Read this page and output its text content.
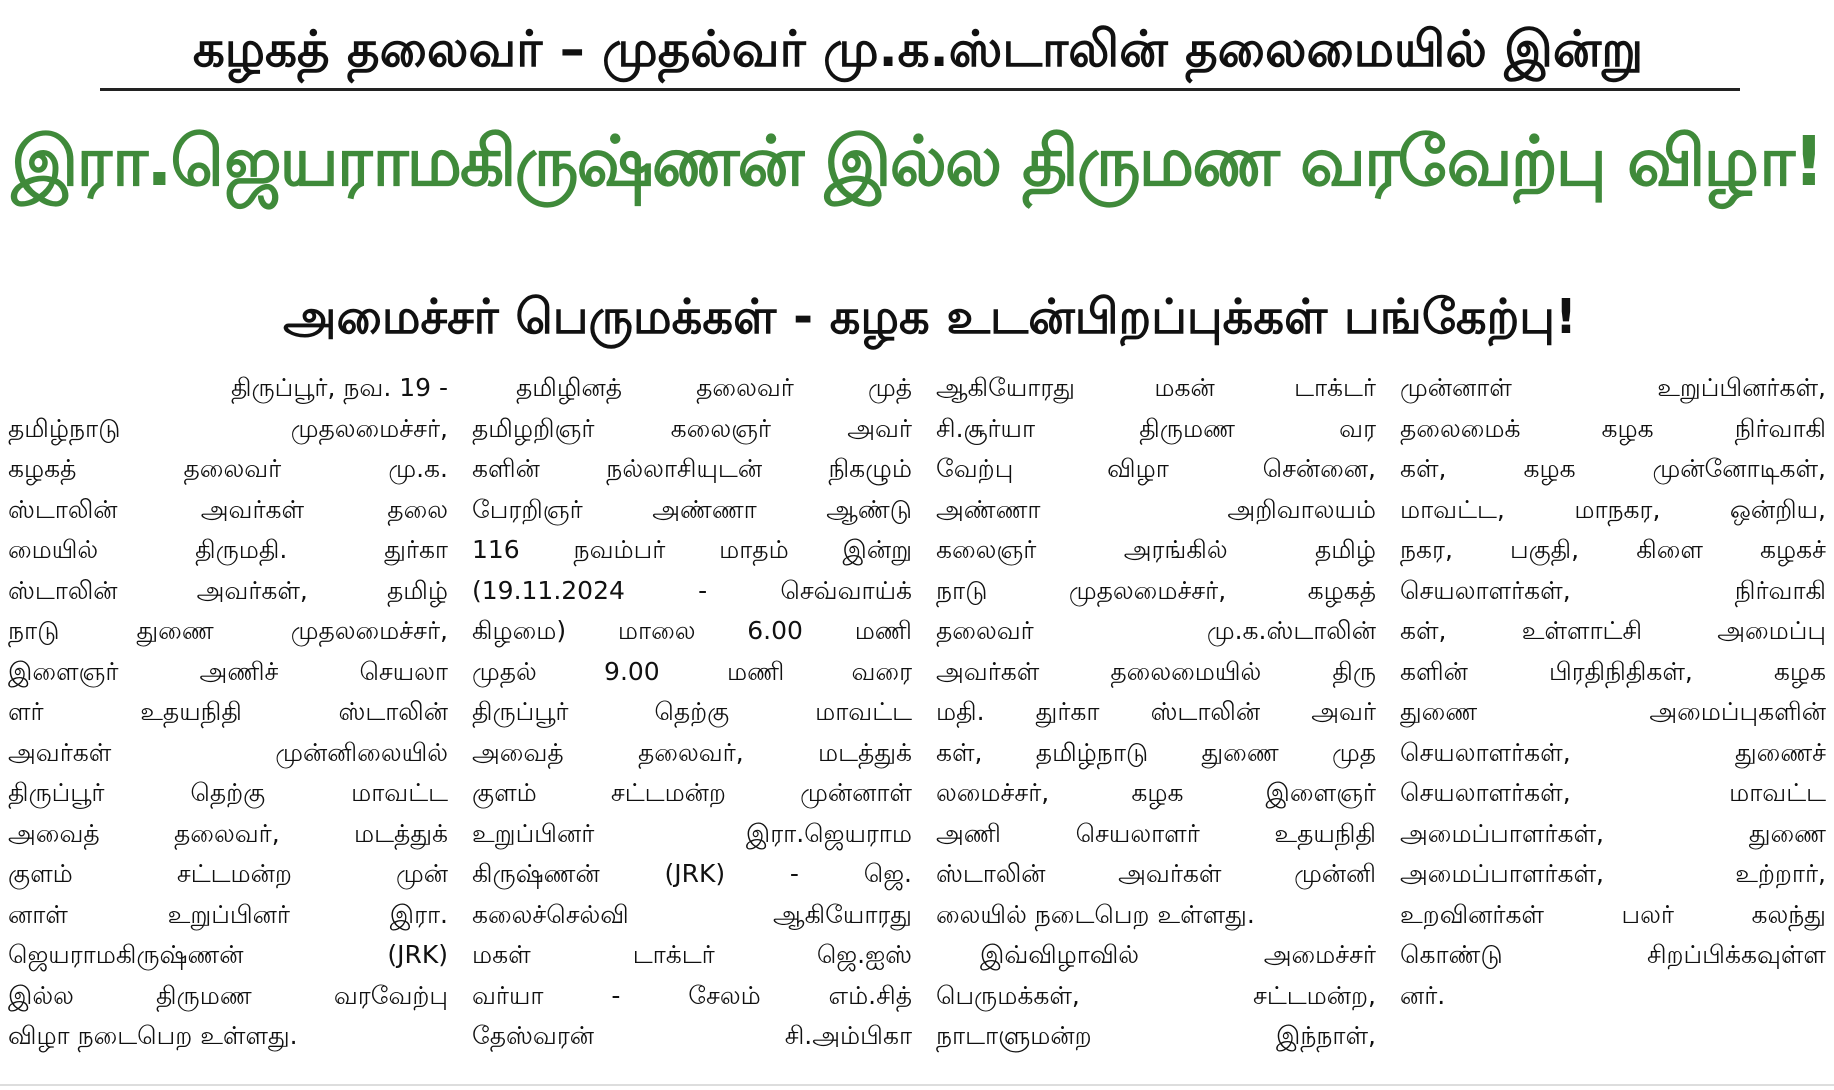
கழகத் தலைவர் – முதல்வர் மு.க.ஸ்டாலின் தலைமையில் இன்று
இரா.ஜெயராமகிருஷ்ணன் இல்ல திருமண வரவேற்பு விழா!
அமைச்சர் பெருமக்கள் - கழக உடன்பிறப்புக்கள் பங்கேற்பு!
திருப்பூர், நவ. 19 -
தமிழ்நாடு முதலமைச்சர்,
கழகத் தலைவர் மு.க.
ஸ்டாலின் அவர்கள் தலை
மையில் திருமதி. துர்கா
ஸ்டாலின் அவர்கள், தமிழ்
நாடு துணை முதலமைச்சர்,
இளைஞர் அணிச் செயலா
ளர் உதயநிதி ஸ்டாலின்
அவர்கள் முன்னிலையில்
திருப்பூர் தெற்கு மாவட்ட
அவைத் தலைவர், மடத்துக்
குளம் சட்டமன்ற முன்
னாள் உறுப்பினர் இரா.
ஜெயராமகிருஷ்ணன் (JRK)
இல்ல திருமண வரவேற்பு
விழா நடைபெற உள்ளது.
தமிழினத் தலைவர் முத்
தமிழறிஞர் கலைஞர் அவர்
களின் நல்லாசியுடன் நிகழும்
பேரறிஞர் அண்ணா ஆண்டு
116 நவம்பர் மாதம் இன்று
(19.11.2024 - செவ்வாய்க்
கிழமை) மாலை 6.00 மணி
முதல் 9.00 மணி வரை
திருப்பூர் தெற்கு மாவட்ட
அவைத் தலைவர், மடத்துக்
குளம் சட்டமன்ற முன்னாள்
உறுப்பினர் இரா.ஜெயராம
கிருஷ்ணன் (JRK) - ஜெ.
கலைச்செல்வி ஆகியோரது
மகள் டாக்டர் ஜெ.ஐஸ்
வர்யா - சேலம் எம்.சித்
தேஸ்வரன் சி.அம்பிகா
ஆகியோரது மகன் டாக்டர்
சி.சூர்யா திருமண வர
வேற்பு விழா சென்னை,
அண்ணா அறிவாலயம்
கலைஞர் அரங்கில் தமிழ்
நாடு முதலமைச்சர், கழகத்
தலைவர் மு.க.ஸ்டாலின்
அவர்கள் தலைமையில் திரு
மதி. துர்கா ஸ்டாலின் அவர்
கள், தமிழ்நாடு துணை முத
லமைச்சர், கழக இளைஞர்
அணி செயலாளர் உதயநிதி
ஸ்டாலின் அவர்கள் முன்னி
லையில் நடைபெற உள்ளது.
இவ்விழாவில் அமைச்சர்
பெருமக்கள், சட்டமன்ற,
நாடாளுமன்ற இந்நாள்,
முன்னாள் உறுப்பினர்கள்,
தலைமைக் கழக நிர்வாகி
கள், கழக முன்னோடிகள்,
மாவட்ட, மாநகர, ஒன்றிய,
நகர, பகுதி, கிளை கழகச்
செயலாளர்கள், நிர்வாகி
கள், உள்ளாட்சி அமைப்பு
களின் பிரதிநிதிகள், கழக
துணை அமைப்புகளின்
செயலாளர்கள், துணைச்
செயலாளர்கள், மாவட்ட
அமைப்பாளர்கள், துணை
அமைப்பாளர்கள், உற்றார்,
உறவினர்கள் பலர் கலந்து
கொண்டு சிறப்பிக்கவுள்ள
னர்.
